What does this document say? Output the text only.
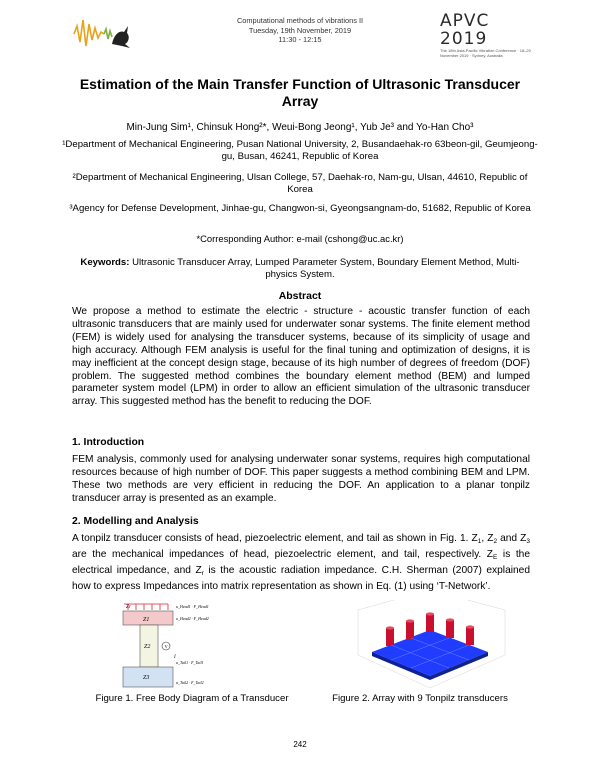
Computational methods of vibrations II
Tuesday, 19th November, 2019
11:30 - 12:15
APVC 2019
The 18th Asia-Pacific Vibration Conference · 18–20 November 2019 · Sydney, Australia
Estimation of the Main Transfer Function of Ultrasonic Transducer Array
Min-Jung Sim¹, Chinsuk Hong²*, Weui-Bong Jeong¹, Yub Je³ and Yo-Han Cho³
¹Department of Mechanical Engineering, Pusan National University, 2, Busandaehak-ro 63beon-gil, Geumjeong-gu, Busan, 46241, Republic of Korea
²Department of Mechanical Engineering, Ulsan College, 57, Daehak-ro, Nam-gu, Ulsan, 44610, Republic of Korea
³Agency for Defense Development, Jinhae-gu, Changwon-si, Gyeongsangnam-do, 51682, Republic of Korea
*Corresponding Author: e-mail (cshong@uc.ac.kr)
Keywords: Ultrasonic Transducer Array, Lumped Parameter System, Boundary Element Method, Multi-physics System.
Abstract
We propose a method to estimate the electric - structure - acoustic transfer function of each ultrasonic transducers that are mainly used for underwater sonar systems. The finite element method (FEM) is widely used for analysing the transducer systems, because of its simplicity of usage and high accuracy. Although FEM analysis is useful for the final tuning and optimization of designs, it is may inefficient at the concept design stage, because of its high number of degrees of freedom (DOF) problem. The suggested method combines the boundary element method (BEM) and lumped parameter system model (LPM) in order to allow an efficient simulation of the ultrasonic transducer array. This suggested method has the benefit to reducing the DOF.
1. Introduction
FEM analysis, commonly used for analysing underwater sonar systems, requires high computational resources because of high number of DOF. This paper suggests a method combining BEM and LPM. These two methods are very efficient in reducing the DOF. An application to a planar tonpilz transducer array is presented as an example.
2. Modelling and Analysis
A tonpilz transducer consists of head, piezoelectric element, and tail as shown in Fig. 1. $Z_1$, $Z_2$ and $Z_3$ are the mechanical impedances of head, piezoelectric element, and tail, respectively. $Z_E$ is the electrical impedance, and $Z_r$ is the acoustic radiation impedance. C.H. Sherman (2007) explained how to express Impedances into matrix representation as shown in Eq. (1) using ‘T-Network’.
Zr
Z1
Z2
Z3
V
I
u_Head1 · F_Head1
u_Head2 · F_Head2
u_Tail1 · F_Tail1
u_Tail2 · F_Tail2
Figure 1. Free Body Diagram of a Transducer	Figure 2. Array with 9 Tonpilz transducers
242
